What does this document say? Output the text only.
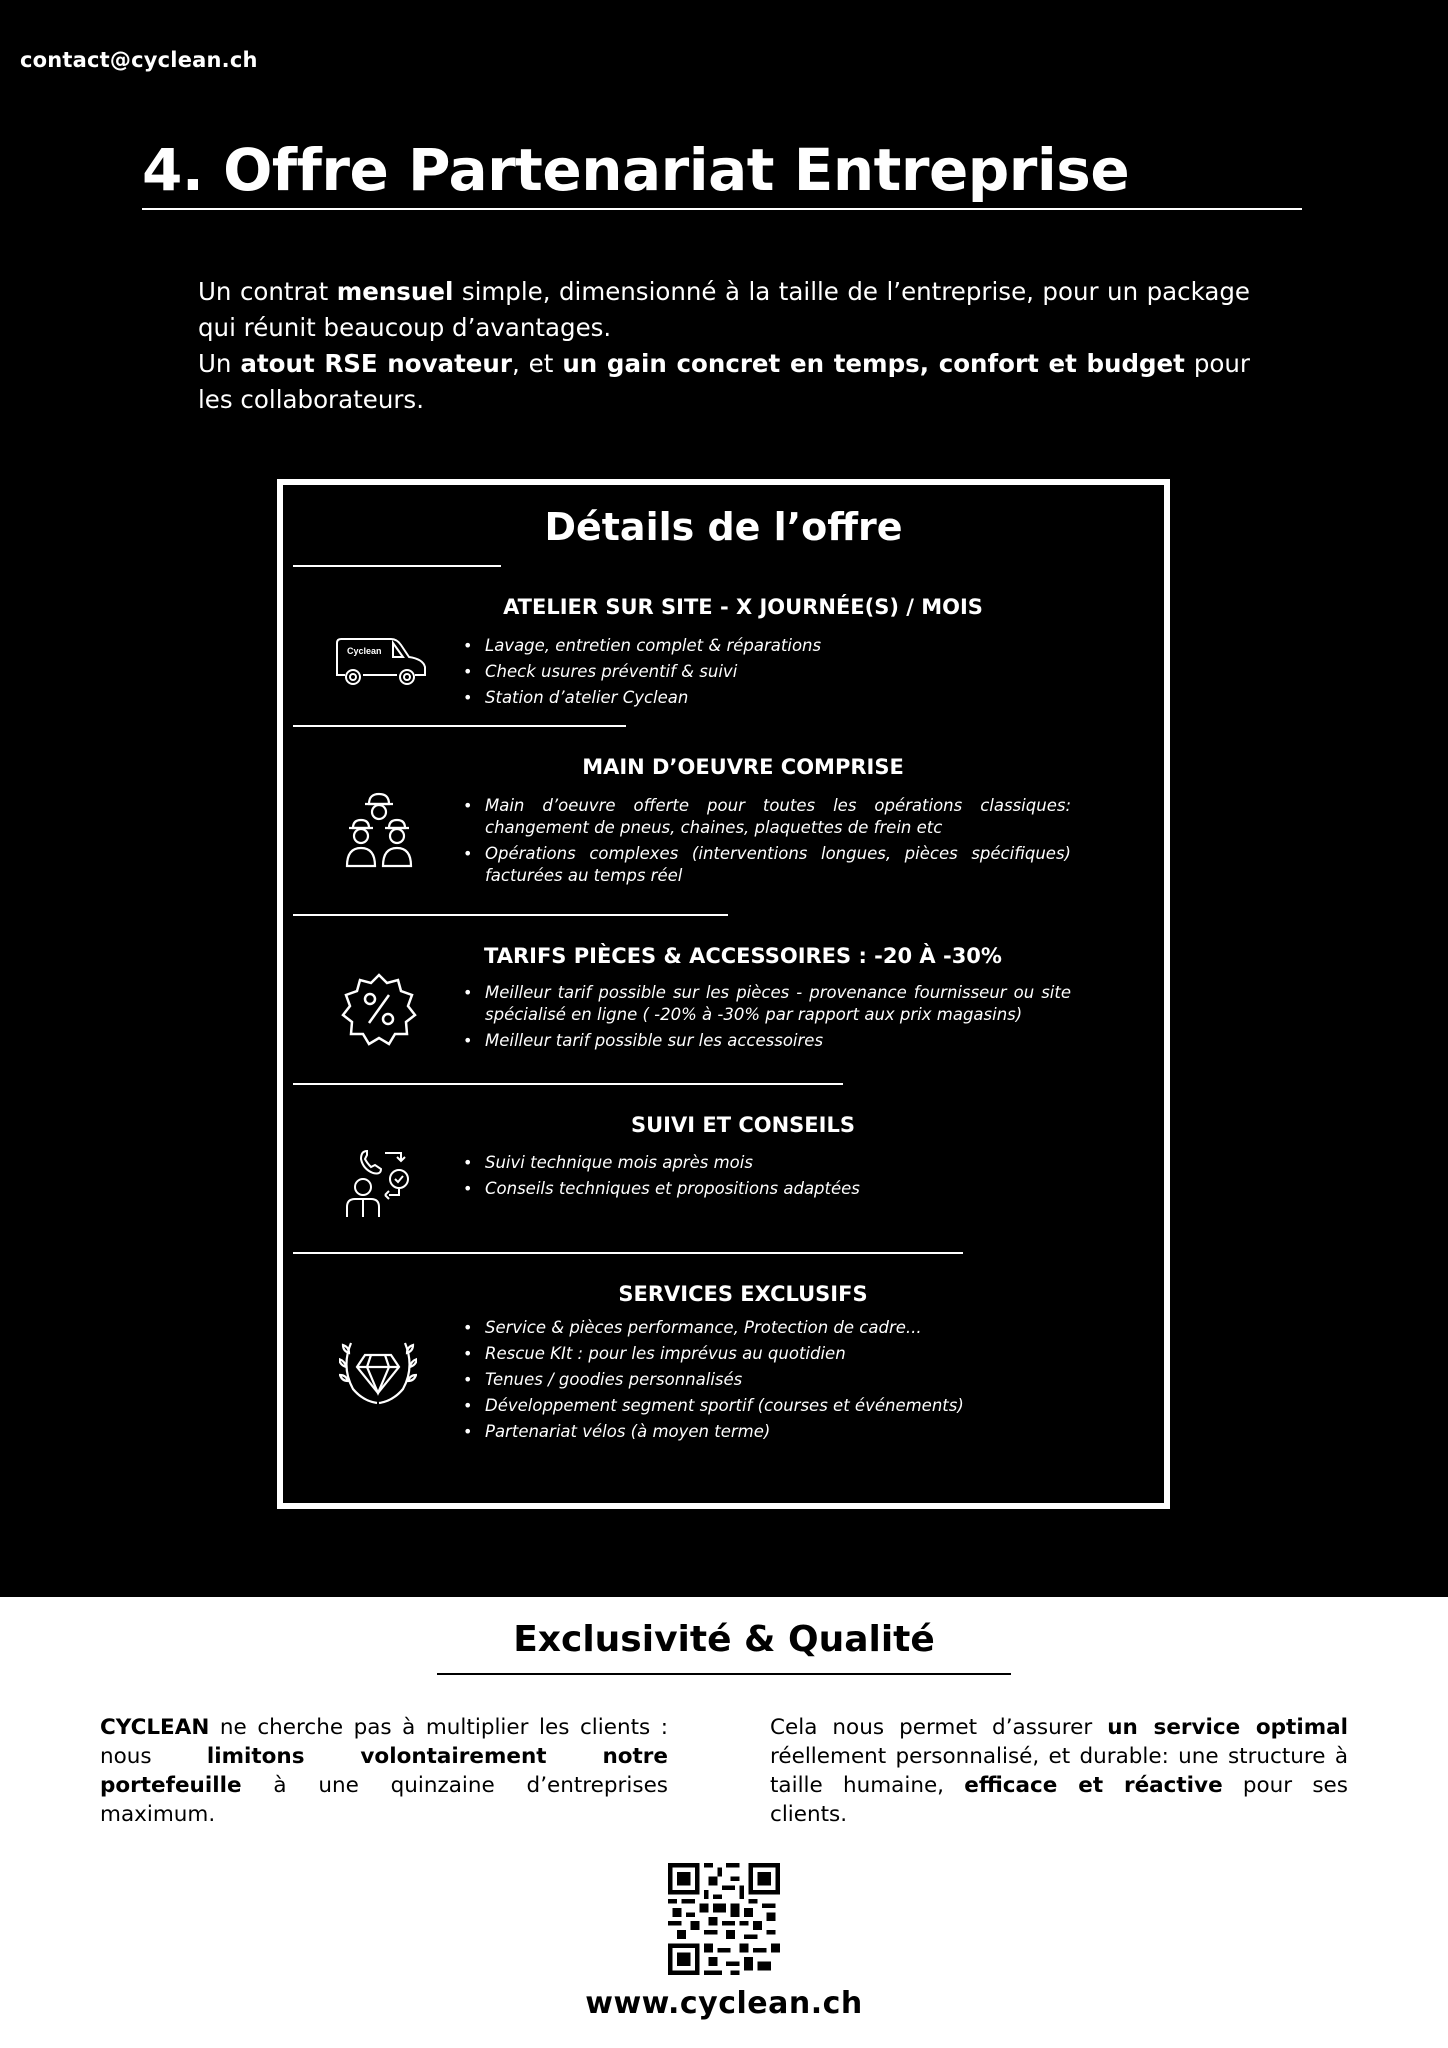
contact@cyclean.ch
4. Offre Partenariat Entreprise

Un contrat mensuel simple, dimensionné à la taille de l’entreprise, pour un package qui réunit beaucoup d’avantages.

Un atout RSE novateur, et un gain concret en temps, confort et budget pour les collaborateurs.

Détails de l’offre
ATELIER SUR SITE - X JOURNÉE(S) / MOIS
Cyclean
•	Lavage, entretien complet & réparations
• Check usures préventif & suivi
• Station d’atelier Cyclean
MAIN D’OEUVRE COMPRISE
• Main d’oeuvre offerte pour toutes les opérations classiques: changement de pneus, chaines, plaquettes de frein etc
• Opérations complexes (interventions longues, pièces spécifiques) facturées au temps réel
TARIFS PIÈCES & ACCESSOIRES : -20 À -30%
• Meilleur tarif possible sur les pièces - provenance fournisseur ou site spécialisé en ligne ( -20% à -30% par rapport aux prix magasins)
• Meilleur tarif possible sur les accessoires
SUIVI ET CONSEILS
• Suivi technique mois après mois
• Conseils techniques et propositions adaptées
SERVICES EXCLUSIFS
• Service & pièces performance, Protection de cadre...
• Rescue KIt : pour les imprévus au quotidien
• Tenues / goodies personnalisés
• Développement segment sportif (courses et événements)
• Partenariat vélos (à moyen terme)
Exclusivité & Qualité

CYCLEAN ne cherche pas à multiplier les clients : nous limitons volontairement notre portefeuille à une quinzaine d’entreprises maximum.

Cela nous permet d’assurer un service optimal réellement personnalisé, et durable: une structure à taille humaine, efficace et réactive pour ses clients.

www.cyclean.ch
